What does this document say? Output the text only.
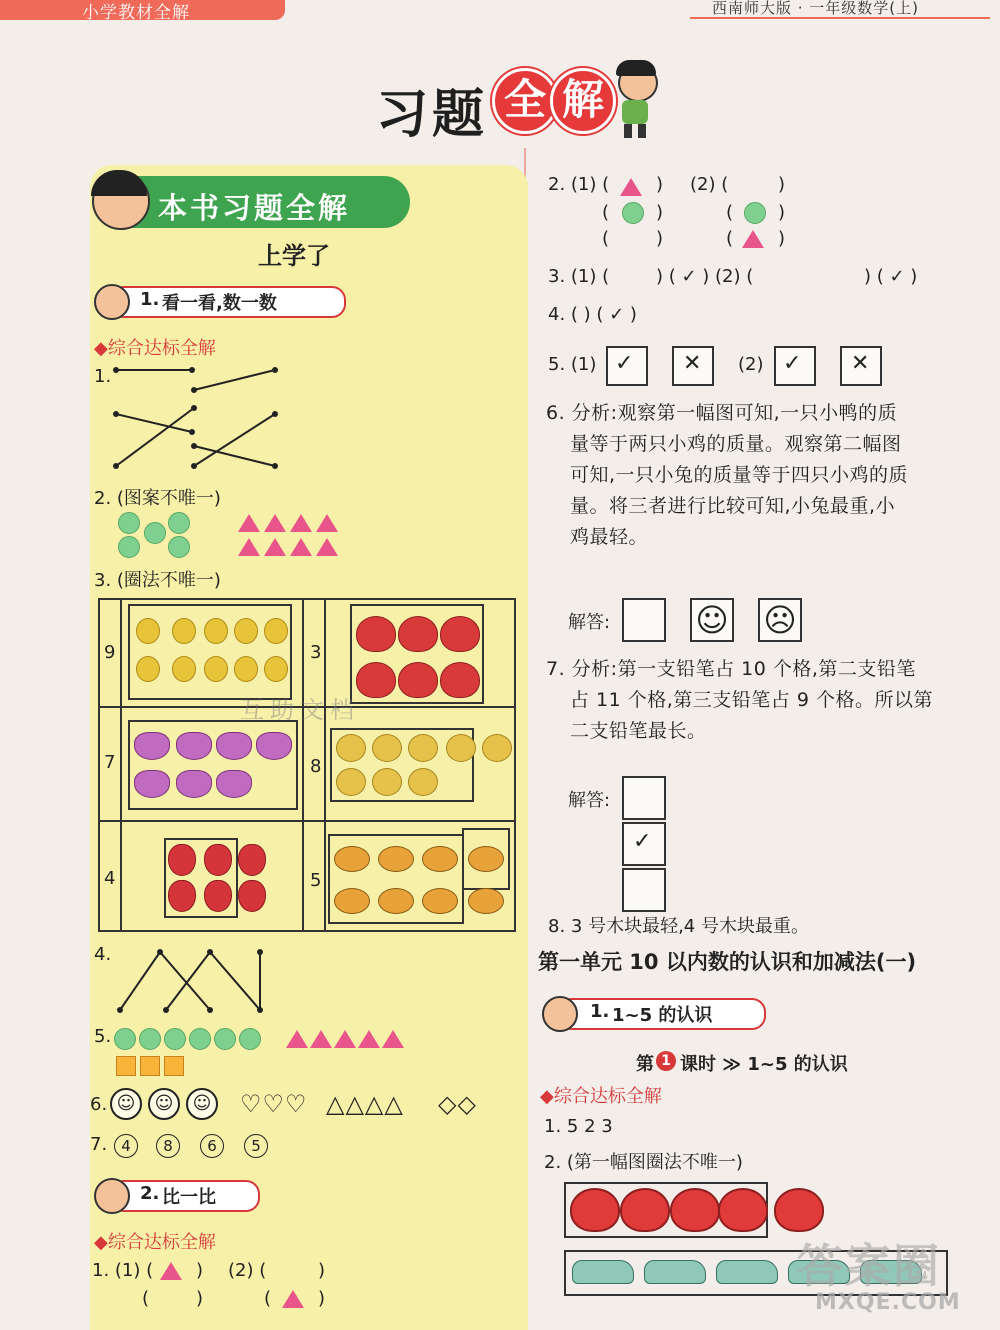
小学教材全解	西南师大版 · 一年级数学(上)
习题 全 解
本书习题全解
上学了
1. 看一看,数一数
◆综合达标全解
1.
2. (图案不唯一)
3. (圈法不唯一)
9	3
7	8
4	5
4.
5.
6. ☺	☺	☺ ♡♡♡ △△△△ ◇◇
7. 4	8	6	5
2. 比一比
◆综合达标全解
1. (1) ( ) (2) (	)
(	)	(	)
2. (1) (	) (2) (	)
(	)	( )
(	)	( )
3. (1) (	) ( ✓ ) (2) (	) ( ✓ )
4. ( ) ( ✓ )
5. (1) ✓ ✕ (2) ✓ ✕
6. 分析:观察第一幅图可知,一只小鸭的质
量等于两只小鸡的质量。观察第二幅图
可知,一只小兔的质量等于四只小鸡的质
量。将三者进行比较可知,小兔最重,小
鸡最轻。
解答:	☺ ☹
7. 分析:第一支铅笔占 10 个格,第二支铅笔
占 11 个格,第三支铅笔占 9 个格。所以第
二支铅笔最长。
解答:
✓
8. 3 号木块最轻,4 号木块最重。
第一单元 10 以内数的认识和加减法(一)
1. 1~5 的认识
第 1 课时 ≫ 1~5 的认识
◆综合达标全解
1. 5 2 3
2. (第一幅图圈法不唯一)
互助文档
答案圈
MXQE.COM
